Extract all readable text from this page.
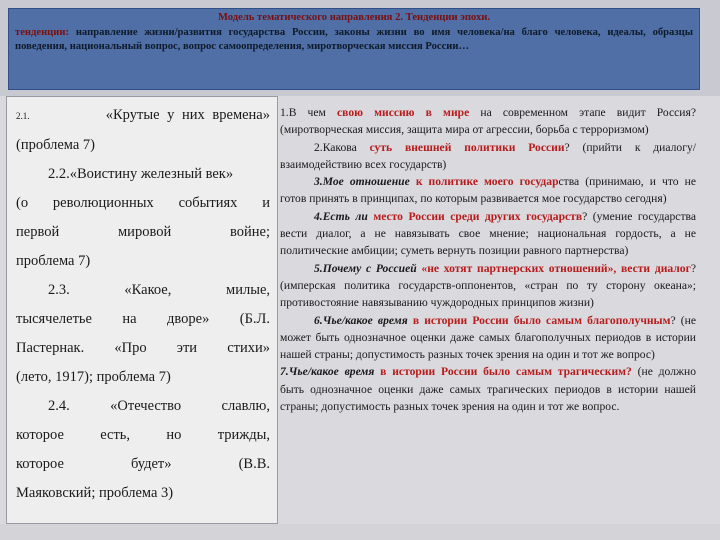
Модель тематического направления 2. Тенденции эпохи.
тенденции: направление жизни/развития государства России, законы жизни во имя человека/на благо человека, идеалы, образцы поведения, национальный вопрос, вопрос самоопределения, миротворческая миссия России…

2.1.	«Крутые у них времена»

(проблема 7)

2.2.«Воистину железный век»

(о революционных событиях и

первой мировой войне;

проблема 7)

2.3. «Какое, милые,

тысячелетье на дворе» (Б.Л.

Пастернак. «Про эти стихи»

(лето, 1917); проблема 7)

2.4. «Отечество славлю,

которое есть, но трижды,

которое будет» (В.В.

Маяковский; проблема 3)

1.В чем свою миссию в мире на современном этапе видит Россия? (миротворческая миссия, защита мира от агрессии, борьба с терроризмом)

2.Какова суть внешней политики России? (прийти к диалогу/взаимодействию всех государств)

3.Мое отношение к политике моего государства (принимаю, и что не готов принять в принципах, по которым развивается мое государство сегодня)

4.Есть ли место России среди других государств? (умение государства вести диалог, а не навязывать свое мнение; национальная гордость, а не политические амбиции; суметь вернуть позиции равного партнерства)

5.Почему с Россией «не хотят партнерских отношений», вести диалог? (имперская политика государств-оппонентов, «стран по ту сторону океана»; противостояние навязыванию чуждородных принципов жизни)

6.Чье/какое время в истории России было самым благополучным? (не может быть однозначное оценки даже самых благополучных периодов в истории нашей страны; допустимость разных точек зрения на один и тот же вопрос)

7.Чье/какое время в истории России было самым трагическим? (не должно быть однозначное оценки даже самых трагических периодов в истории нашей страны; допустимость разных точек зрения на один и тот же вопрос.
